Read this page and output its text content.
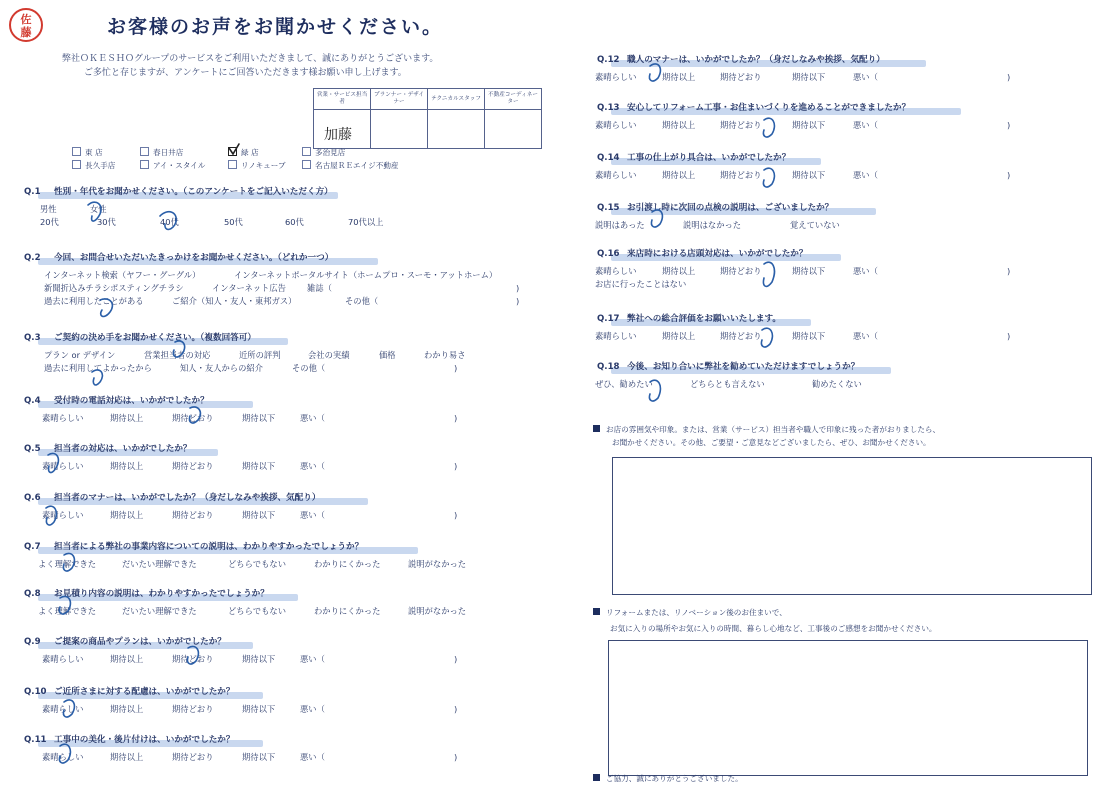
佐
藤	お客様のお声をお聞かせください。
弊社ＯＫＥＳＨＯグループのサービスをご利用いただきまして、誠にありがとうございます。
ご多忙と存じますが、アンケートにご回答いただきます様お願い申し上げます。
営業・サービス担当者	プランナー・デザイナー	テクニカルスタッフ	不動産コーディネーター

加藤
東 店	春日井店	緑 店	多治見店
長久手店	アイ・スタイル	リノキューブ	名古屋ＲＥエイジ不動産
Q.1 性別・年代をお聞かせください。（このアンケートをご記入いただく方）
男性	女性
20代	30代	40代	50代	60代	70代以上
Q.2 今回、お問合せいただいたきっかけをお聞かせください。（どれか一つ）
インターネット検索（ヤフー・グーグル）	インターネットポータルサイト（ホームプロ・スーモ・アットホーム）
新聞折込みチラシ ポスティングチラシ	インターネット広告	雑誌（	)
過去に利用したことがある	ご紹介（知人・友人・東邦ガス）	その他（	)
Q.3 ご契約の決め手をお聞かせください。（複数回答可）
プラン or デザイン	営業担当者の対応	近所の評判	会社の実績	価格	わかり易さ
過去に利用してよかったから	知人・友人からの紹介	その他（	)
Q.4 受付時の電話対応は、いかがでしたか？
素晴らしい	期待以上	期待どおり	期待以下	悪い（	)
Q.5 担当者の対応は、いかがでしたか？
素晴らしい	期待以上	期待どおり	期待以下	悪い（	)
Q.6 担当者のマナーは、いかがでしたか？（身だしなみや挨拶、気配り）
素晴らしい	期待以上	期待どおり	期待以下	悪い（	)
Q.7 担当者による弊社の事業内容についての説明は、わかりやすかったでしょうか？
よく理解できた	だいたい理解できた	どちらでもない	わかりにくかった	説明がなかった
Q.8 お見積り内容の説明は、わかりやすかったでしょうか？
よく理解できた	だいたい理解できた	どちらでもない	わかりにくかった	説明がなかった
Q.9 ご提案の商品やプランは、いかがでしたか？
素晴らしい	期待以上	期待どおり	期待以下	悪い（	)
Q.10 ご近所さまに対する配慮は、いかがでしたか？
素晴らしい	期待以上	期待どおり	期待以下	悪い（	)
Q.11 工事中の美化・後片付けは、いかがでしたか？
素晴らしい	期待以上	期待どおり	期待以下	悪い（	)
Q.12 職人のマナーは、いかがでしたか？（身だしなみや挨拶、気配り）
素晴らしい	期待以上	期待どおり	期待以下	悪い（	)
Q.13 安心してリフォーム工事・お住まいづくりを進めることができましたか？
素晴らしい	期待以上	期待どおり	期待以下	悪い（	)
Q.14 工事の仕上がり具合は、いかがでしたか？
素晴らしい	期待以上	期待どおり	期待以下	悪い（	)
Q.15 お引渡し時に次回の点検の説明は、ございましたか？
説明はあった	説明はなかった	覚えていない
Q.16 来店時における店頭対応は、いかがでしたか？
素晴らしい	期待以上	期待どおり	期待以下	悪い（	)
お店に行ったことはない
Q.17 弊社への総合評価をお願いいたします。
素晴らしい	期待以上	期待どおり	期待以下	悪い（	)
Q.18 今後、お知り合いに弊社を勧めていただけますでしょうか？
ぜひ、勧めたい	どちらとも言えない	勧めたくない
お店の雰囲気や印象。または、営業（サービス）担当者や職人で印象に残った者がおりましたら、
お聞かせください。その他、ご要望・ご意見などございましたら、ぜひ、お聞かせください。
リフォームまたは、リノベーション後のお住まいで、
お気に入りの場所やお気に入りの時間、暮らし心地など、工事後のご感想をお聞かせください。
ご協力、誠にありがとうございました。
